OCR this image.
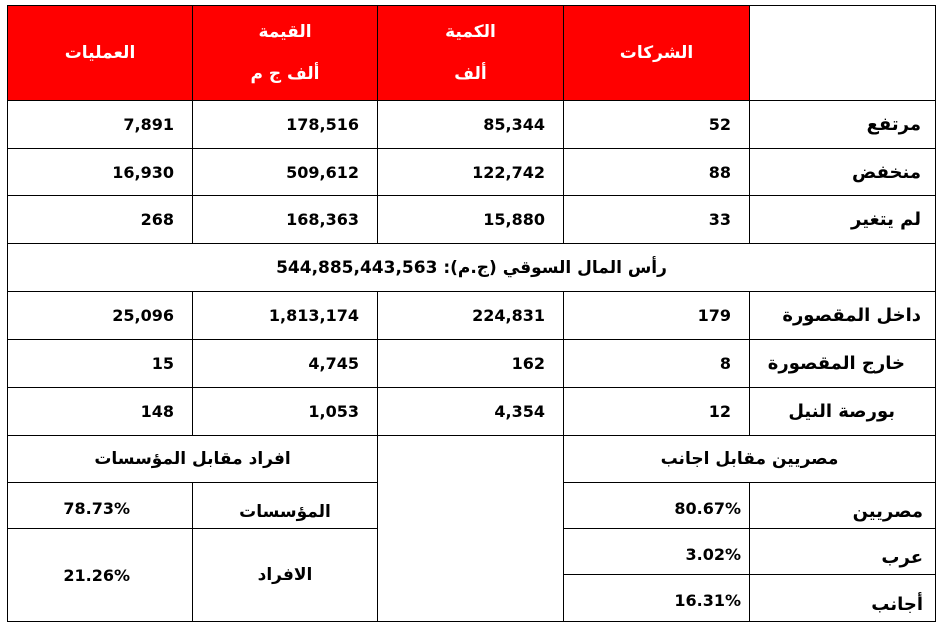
الشركات
الكمية
ألف
القيمة
ألف ج م
العمليات
مرتفع
52
85,344
178,516
7,891
منخفض
88
122,742
509,612
16,930
لم يتغير
33
15,880
168,363
268
رأس المال السوقي (ج.م): 544,885,443,563
داخل المقصورة
179
224,831
1,813,174
25,096
خارج المقصورة
8
162
4,745
15
بورصة النيل
12
4,354
1,053
148
مصريين مقابل اجانب
مصريين
80.67%
عرب
3.02%
أجانب
16.31%
افراد مقابل المؤسسات
المؤسسات
78.73%
الافراد
21.26%
